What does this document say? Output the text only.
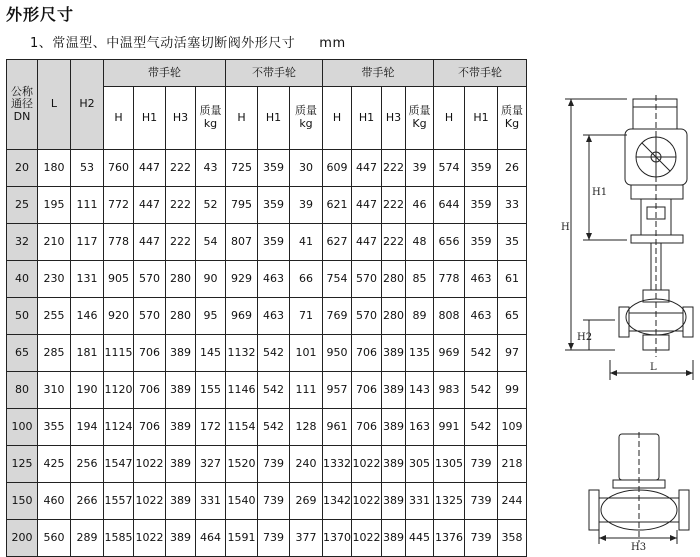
外形尺寸
1、常温型、中温型气动活塞切断阀外形尺寸 mm
公称通径DN	L	H2	带手轮				不带手轮			带手轮				不带手轮		
			H	H1	H3	质量kg	H	H1	质量kg	H	H1	H3	质量Kg	H	H1	质量Kg
20	180	53	760	447	222	43	725	359	30	609	447	222	39	574	359	26
25	195	111	772	447	222	52	795	359	39	621	447	222	46	644	359	33
32	210	117	778	447	222	54	807	359	41	627	447	222	48	656	359	35
40	230	131	905	570	280	90	929	463	66	754	570	280	85	778	463	61
50	255	146	920	570	280	95	969	463	71	769	570	280	89	808	463	65
65	285	181	1115	706	389	145	1132	542	101	950	706	389	135	969	542	97
80	310	190	1120	706	389	155	1146	542	111	957	706	389	143	983	542	99
100	355	194	1124	706	389	172	1154	542	128	961	706	389	163	991	542	109
125	425	256	1547	1022	389	327	1520	739	240	1332	1022	389	305	1305	739	218
150	460	266	1557	1022	389	331	1540	739	269	1342	1022	389	331	1325	739	244
200	560	289	1585	1022	389	464	1591	739	377	1370	1022	389	445	1376	739	358
H
H1
H2
L
H3
